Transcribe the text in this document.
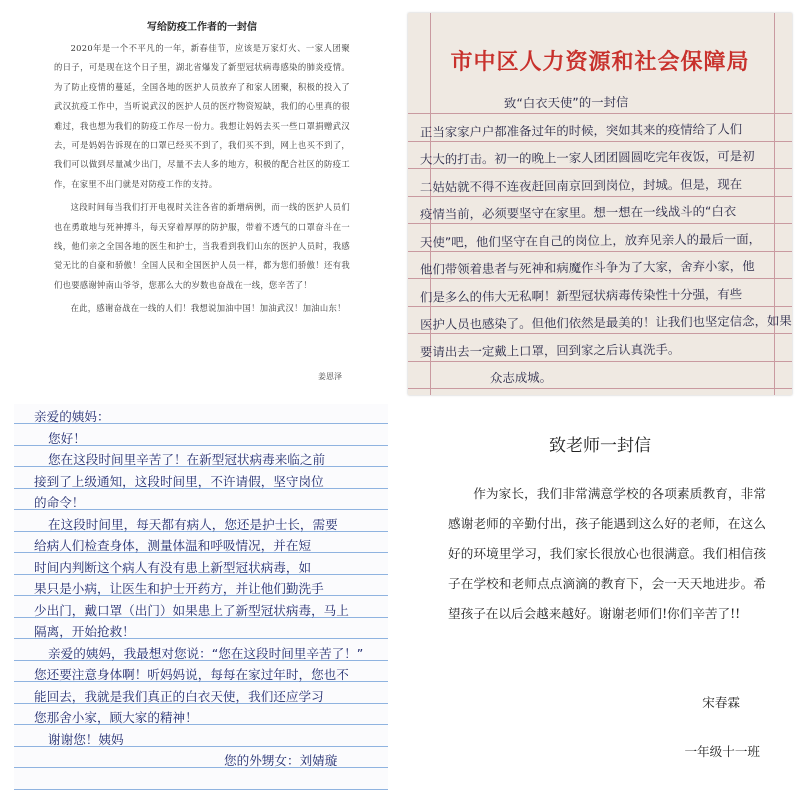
写给防疫工作者的一封信

2020年是一个不平凡的一年，新春佳节，应该是万家灯火、一家人团聚的日子，可是现在这个日子里，湖北省爆发了新型冠状病毒感染的肺炎疫情。为了防止疫情的蔓延，全国各地的医护人员放弃了和家人团聚，积极的投入了武汉抗疫工作中，当听说武汉的医护人员的医疗物资短缺，我们的心里真的很难过，我也想为我们的防疫工作尽一份力。我想让妈妈去买一些口罩捐赠武汉去，可是妈妈告诉现在的口罩已经买不到了，我们买不到，网上也买不到了，我们可以做到尽量减少出门，尽量不去人多的地方，积极的配合社区的防疫工作，在家里不出门就是对防疫工作的支持。

这段时间每当我们打开电视时关注各省的新增病例，而一线的医护人员们也在勇敢地与死神搏斗，每天穿着厚厚的防护服，带着不透气的口罩奋斗在一线，他们亲之全国各地的医生和护士，当我看到我们山东的医护人员时，我感觉无比的自豪和骄傲！全国人民和全国医护人员一样，都为您们骄傲！还有我们也要感谢钟南山爷爷，您那么大的岁数也奋战在一线，您辛苦了！

在此，感谢奋战在一线的人们！我想说加油中国！加油武汉！加油山东！

姜恩泽
市中区人力资源和社会保障局
致“白衣天使”的一封信
正当家家户户都准备过年的时候，突如其来的疫情给了人们
大大的打击。初一的晚上一家人团团圆圆吃完年夜饭，可是初
二姑姑就不得不连夜赶回南京回到岗位，封城。但是，现在
疫情当前，必须要坚守在家里。想一想在一线战斗的“白衣
天使”吧，他们坚守在自己的岗位上，放弃见亲人的最后一面，
他们带领着患者与死神和病魔作斗争为了大家，舍弃小家，他
们是多么的伟大无私啊！新型冠状病毒传染性十分强，有些
医护人员也感染了。但他们依然是最美的！让我们也坚定信念，如果
要请出去一定戴上口罩，回到家之后认真洗手。
众志成城。
亲爱的姨妈：
您好！
您在这段时间里辛苦了！在新型冠状病毒来临之前
接到了上级通知，这段时间里，不许请假，坚守岗位
的命令！
在这段时间里，每天都有病人，您还是护士长，需要
给病人们检查身体，测量体温和呼吸情况，并在短
时间内判断这个病人有没有患上新型冠状病毒，如
果只是小病，让医生和护士开药方，并让他们勤洗手
少出门，戴口罩（出门）如果患上了新型冠状病毒，马上
隔离，开始抢救！
亲爱的姨妈，我最想对您说：“您在这段时间里辛苦了！”
您还要注意身体啊！听妈妈说，每每在家过年时，您也不
能回去，我就是我们真正的白衣天使，我们还应学习
您那舍小家，顾大家的精神！
谢谢您！姨妈
您的外甥女：刘婧璇
致老师一封信
作为家长，我们非常满意学校的各项素质教育，非常感谢老师的辛勤付出，孩子能遇到这么好的老师，在这么好的环境里学习，我们家长很放心也很满意。我们相信孩子在学校和老师点点滴滴的教育下，会一天天地进步。希望孩子在以后会越来越好。谢谢老师们!你们辛苦了!!
宋春霖
一年级十一班
